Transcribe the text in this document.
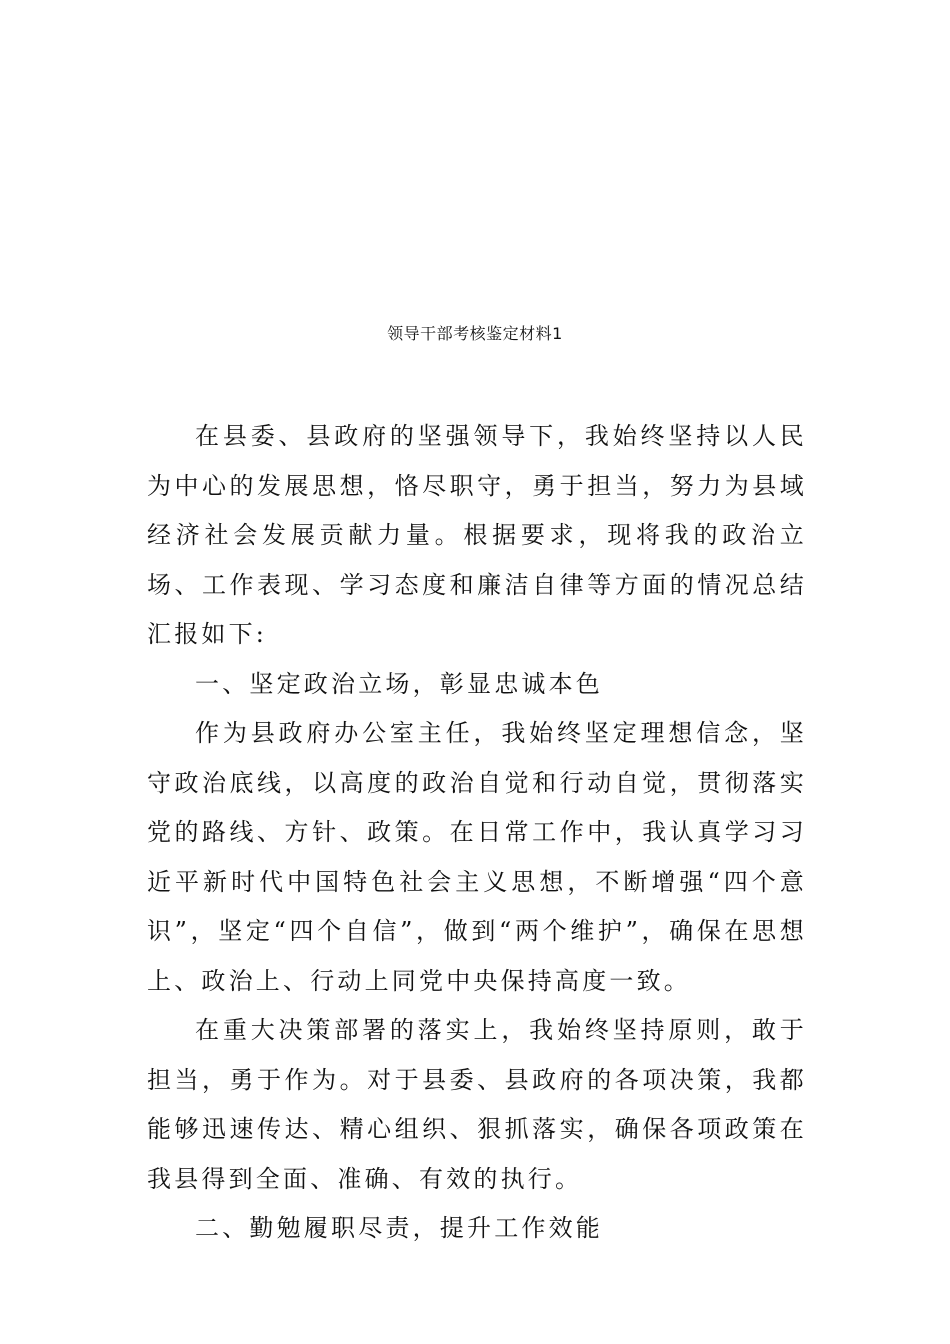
领导干部考核鉴定材料1

在县委、县政府的坚强领导下，我始终坚持以人民为中心的发展思想，恪尽职守，勇于担当，努力为县域经济社会发展贡献力量。根据要求，现将我的政治立场、工作表现、学习态度和廉洁自律等方面的情况总结汇报如下:

一、坚定政治立场，彰显忠诚本色

作为县政府办公室主任，我始终坚定理想信念，坚守政治底线，以高度的政治自觉和行动自觉，贯彻落实党的路线、方针、政策。在日常工作中，我认真学习习近平新时代中国特色社会主义思想，不断增强“四个意识”，坚定“四个自信”，做到“两个维护”，确保在思想上、政治上、行动上同党中央保持高度一致。

在重大决策部署的落实上，我始终坚持原则，敢于担当，勇于作为。对于县委、县政府的各项决策，我都能够迅速传达、精心组织、狠抓落实，确保各项政策在我县得到全面、准确、有效的执行。

二、勤勉履职尽责，提升工作效能
